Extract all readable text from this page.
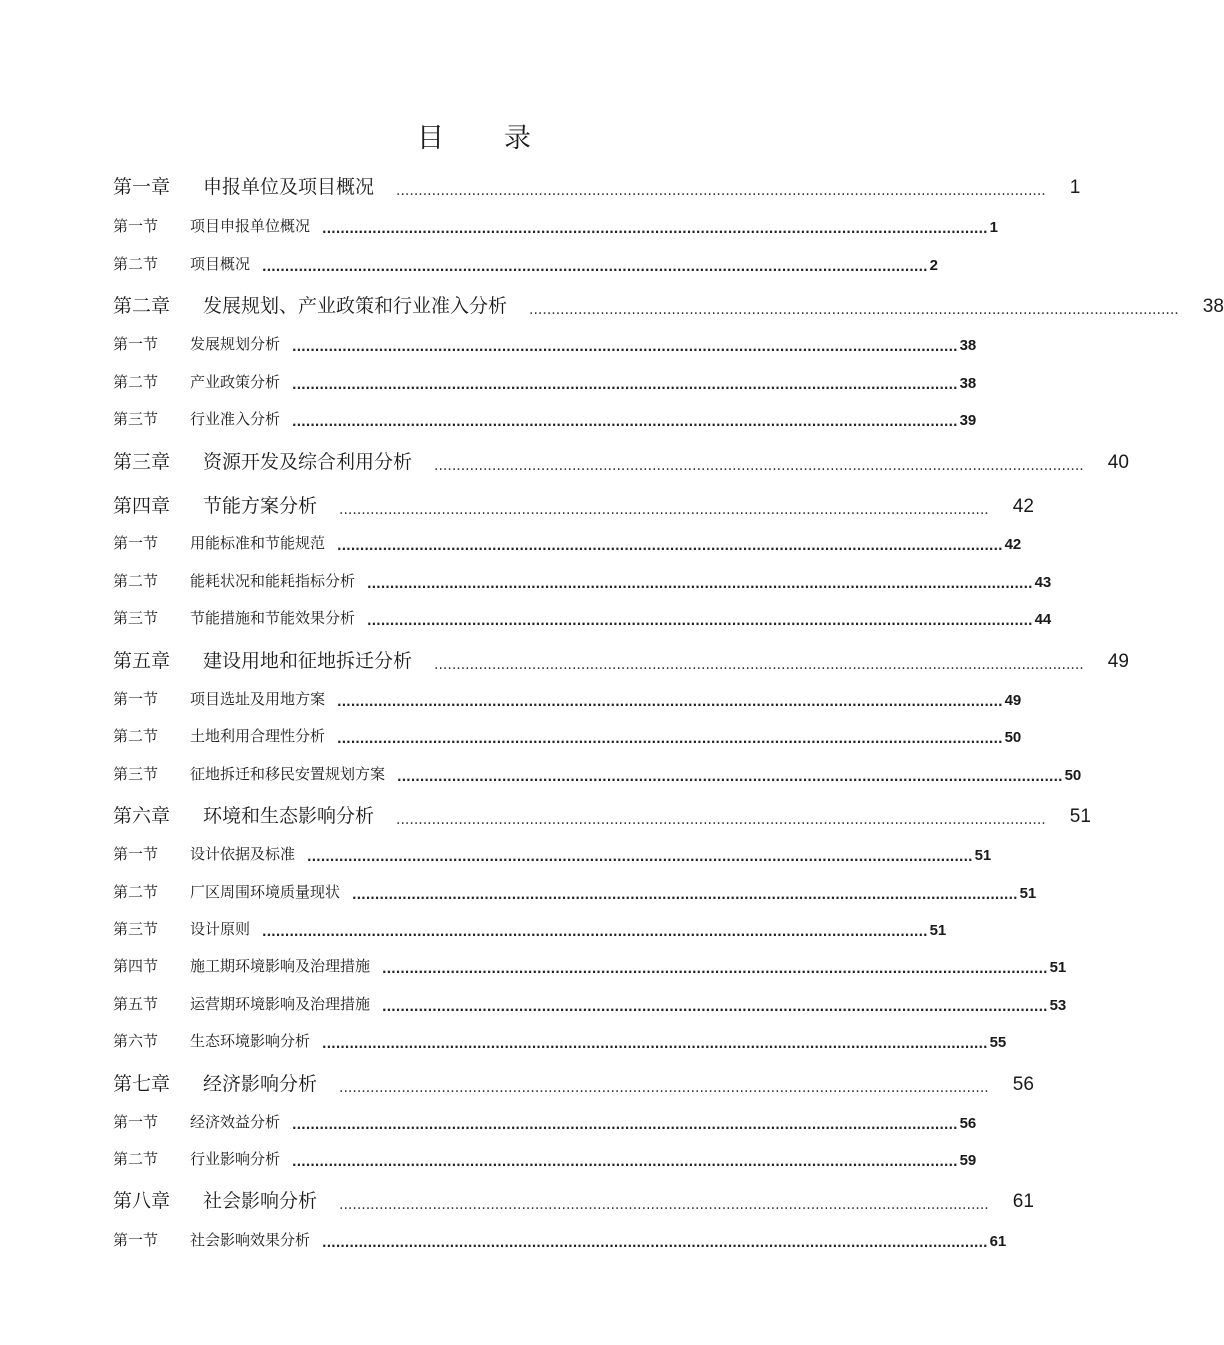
目　　录
第一章	申报单位及项目概况 .................................................................................................................................................. 1
第一节	项目申报单位概况 .................................................................................................................................................. 1
第二节	项目概况 .................................................................................................................................................. 2
第二章	发展规划、产业政策和行业准入分析 .................................................................................................................................................. 38
第一节	发展规划分析 .................................................................................................................................................. 38
第二节	产业政策分析 .................................................................................................................................................. 38
第三节	行业准入分析 .................................................................................................................................................. 39
第三章	资源开发及综合利用分析 .................................................................................................................................................. 40
第四章	节能方案分析 .................................................................................................................................................. 42
第一节	用能标准和节能规范 .................................................................................................................................................. 42
第二节	能耗状况和能耗指标分析 .................................................................................................................................................. 43
第三节	节能措施和节能效果分析 .................................................................................................................................................. 44
第五章	建设用地和征地拆迁分析 .................................................................................................................................................. 49
第一节	项目选址及用地方案 .................................................................................................................................................. 49
第二节	土地利用合理性分析 .................................................................................................................................................. 50
第三节	征地拆迁和移民安置规划方案 .................................................................................................................................................. 50
第六章	环境和生态影响分析 .................................................................................................................................................. 51
第一节	设计依据及标准 .................................................................................................................................................. 51
第二节	厂区周围环境质量现状 .................................................................................................................................................. 51
第三节	设计原则 .................................................................................................................................................. 51
第四节	施工期环境影响及治理措施 .................................................................................................................................................. 51
第五节	运营期环境影响及治理措施 .................................................................................................................................................. 53
第六节	生态环境影响分析 .................................................................................................................................................. 55
第七章	经济影响分析 .................................................................................................................................................. 56
第一节	经济效益分析 .................................................................................................................................................. 56
第二节	行业影响分析 .................................................................................................................................................. 59
第八章	社会影响分析 .................................................................................................................................................. 61
第一节	社会影响效果分析 .................................................................................................................................................. 61
